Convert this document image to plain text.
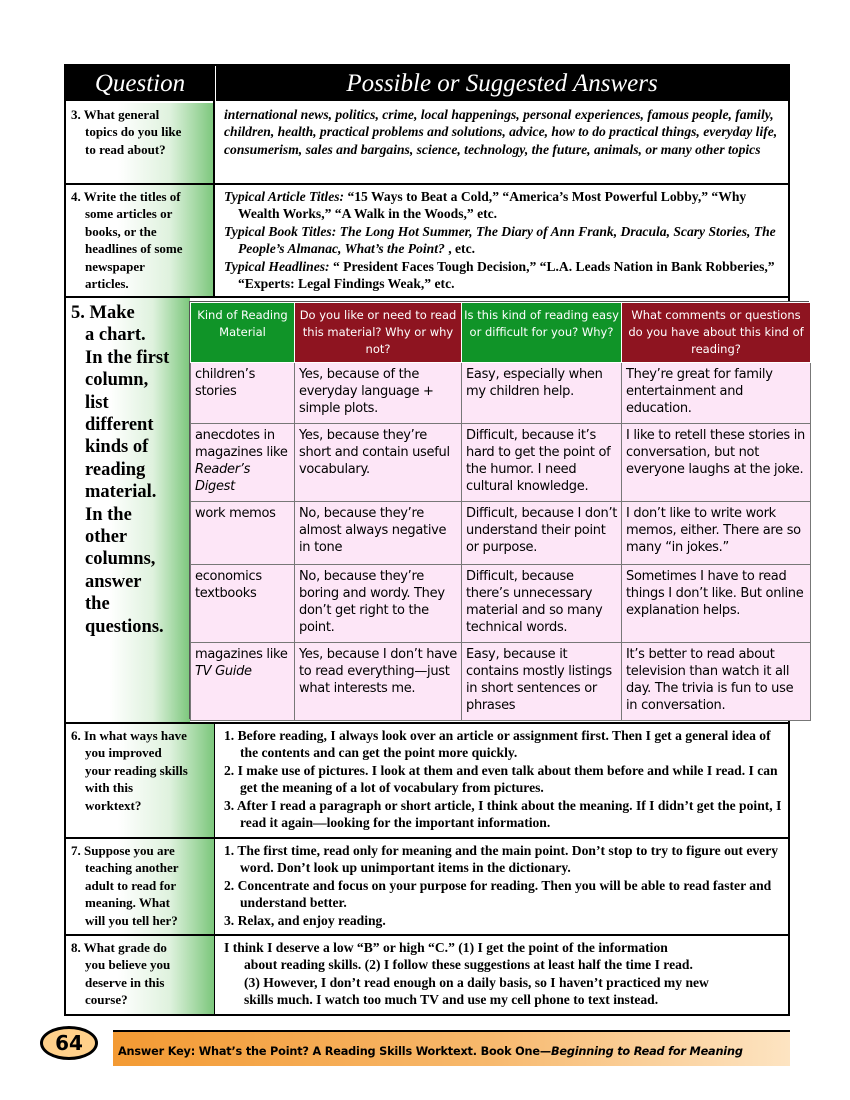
Question	Possible or Suggested Answers
3. What general
topics do you like
to read about?
international news, politics, crime, local happenings, personal experiences, famous people, family, children, health, practical problems and solutions, advice, how to do practical things, everyday life, consumerism, sales and bargains, science, technology, the future, animals, or many other topics
4. Write the titles of
some articles or
books, or the
headlines of some
newspaper
articles.
Typical Article Titles: “15 Ways to Beat a Cold,” “America’s Most Powerful Lobby,” “Why Wealth Works,” “A Walk in the Woods,” etc.
Typical Book Titles: The Long Hot Summer, The Diary of Ann Frank, Dracula, Scary Stories, The People’s Almanac, What’s the Point? , etc.
Typical Headlines: “ President Faces Tough Decision,” “L.A. Leads Nation in Bank Robberies,” “Experts: Legal Findings Weak,” etc.
5. Make
a chart.
In the first
column,
list
different
kinds of
reading
material.
In the
other
columns,
answer
the
questions.
Kind of Reading Material	Do you like or need to read this material? Why or why not?	Is this kind of reading easy or difficult for you? Why?	What comments or questions do you have about this kind of reading?
children’s stories	Yes, because of the everyday language + simple plots.	Easy, especially when my children help.	They’re great for family entertainment and education.
anecdotes in magazines like Reader’s Digest	Yes, because they’re short and contain useful vocabulary.	Difficult, because it’s hard to get the point of the humor. I need cultural knowledge.	I like to retell these stories in conversation, but not everyone laughs at the joke.
work memos	No, because they’re almost always negative in tone	Difficult, because I don’t understand their point or purpose.	I don’t like to write work memos, either. There are so many “in jokes.”
economics textbooks	No, because they’re boring and wordy. They don’t get right to the point.	Difficult, because there’s unnecessary material and so many technical words.	Sometimes I have to read things I don’t like. But online explanation helps.
magazines like TV Guide	Yes, because I don’t have to read everything—just what interests me.	Easy, because it contains mostly listings in short sentences or phrases	It’s better to read about television than watch it all day. The trivia is fun to use in conversation.
6. In what ways have
you improved
your reading skills
with this
worktext?
1. Before reading, I always look over an article or assignment first. Then I get a general idea of the contents and can get the point more quickly.
2. I make use of pictures. I look at them and even talk about them before and while I read. I can get the meaning of a lot of vocabulary from pictures.
3. After I read a paragraph or short article, I think about the meaning. If I didn’t get the point, I read it again—looking for the important information.
7. Suppose you are
teaching another
adult to read for
meaning. What
will you tell her?
1. The first time, read only for meaning and the main point. Don’t stop to try to figure out every word. Don’t look up unimportant items in the dictionary.
2. Concentrate and focus on your purpose for reading. Then you will be able to read faster and understand better.
3. Relax, and enjoy reading.
8. What grade do
you believe you
deserve in this
course?
I think I deserve a low “B” or high “C.” (1) I get the point of the information
about reading skills. (2) I follow these suggestions at least half the time I read.
(3) However, I don’t read enough on a daily basis, so I haven’t practiced my new
skills much. I watch too much TV and use my cell phone to text instead.
64	Answer Key: What’s the Point? A Reading Skills Worktext. Book One—Beginning to Read for Meaning
